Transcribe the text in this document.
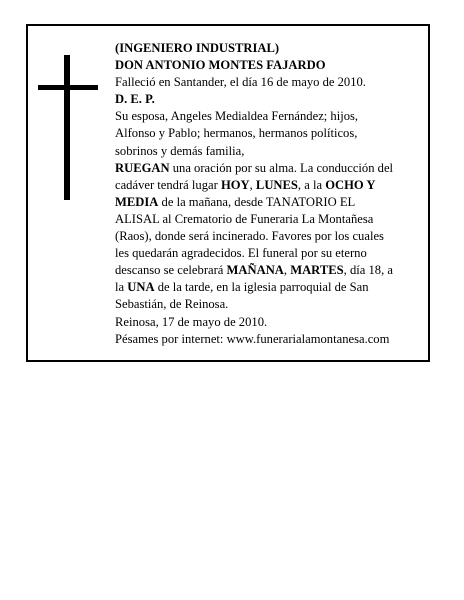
(INGENIERO INDUSTRIAL)

DON ANTONIO MONTES FAJARDO

Falleció en Santander, el día 16 de mayo de 2010.

D. E. P.

Su esposa, Angeles Medialdea Fernández; hijos,

Alfonso y Pablo; hermanos, hermanos políticos,

sobrinos y demás familia,

RUEGAN una oración por su alma. La conducción del

cadáver tendrá lugar HOY, LUNES, a la OCHO Y

MEDIA de la mañana, desde TANATORIO EL

ALISAL al Crematorio de Funeraria La Montañesa

(Raos), donde será incinerado. Favores por los cuales

les quedarán agradecidos. El funeral por su eterno

descanso se celebrará MAÑANA, MARTES, día 18, a

la UNA de la tarde, en la iglesia parroquial de San

Sebastián, de Reinosa.

Reinosa, 17 de mayo de 2010.

Pésames por internet: www.funerarialamontanesa.com
